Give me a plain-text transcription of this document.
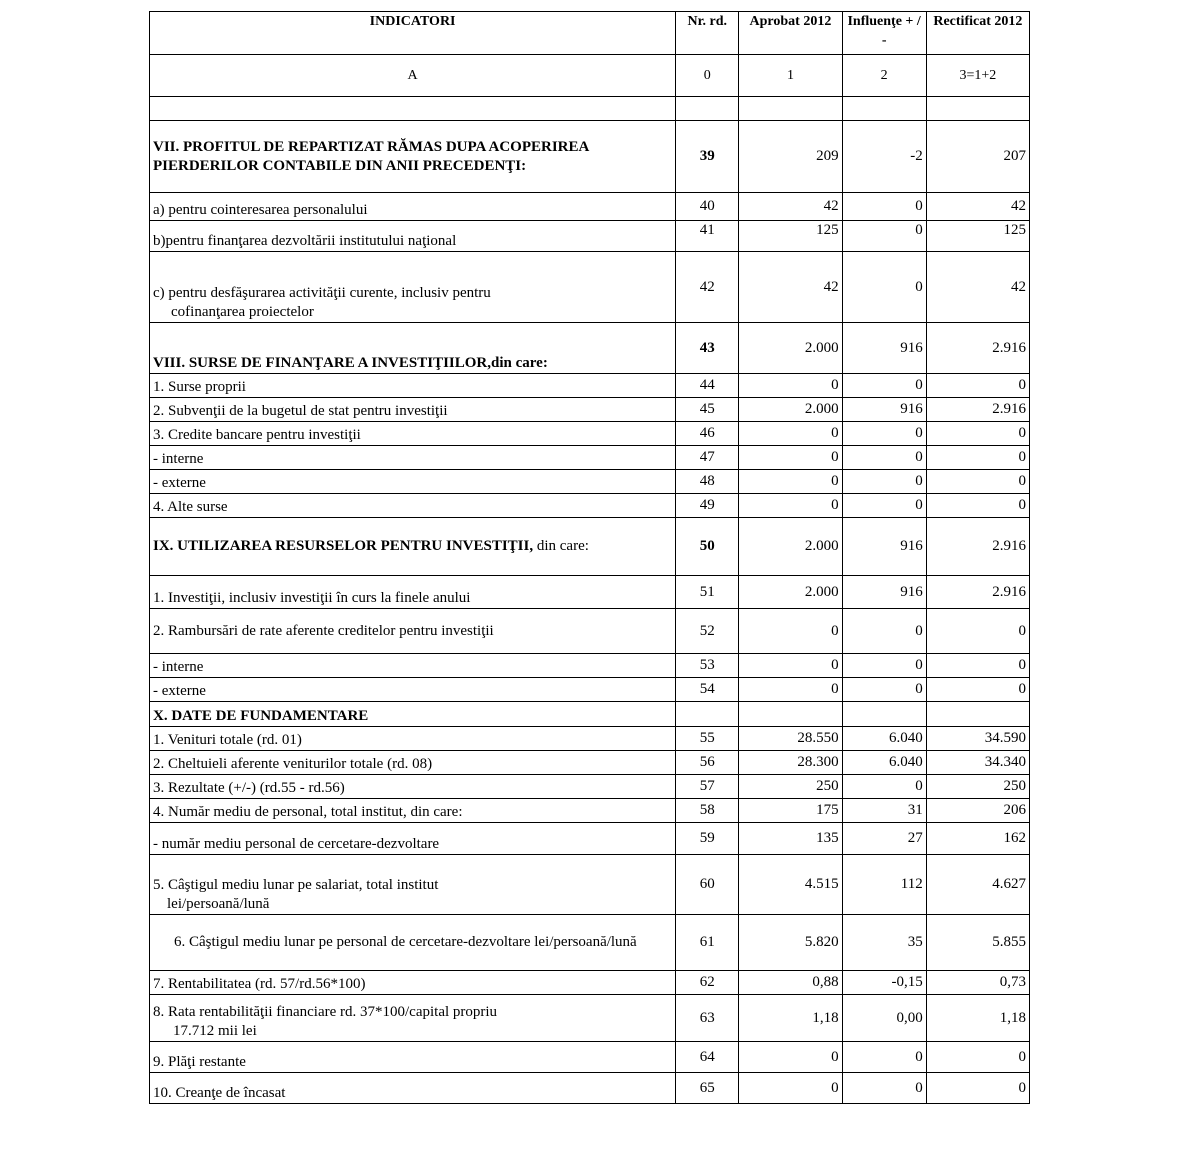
INDICATORI	Nr. rd.	Aprobat 2012	Influenţe + / -	Rectificat 2012
A	0	1	2	3=1+2

VII. PROFITUL DE REPARTIZAT RĂMAS DUPA ACOPERIREA PIERDERILOR CONTABILE DIN ANII PRECEDENŢI:	39	209	-2	207
a) pentru cointeresarea personalului	40	42	0	42
b)pentru finanţarea dezvoltării institutului naţional	41	125	0	125

c) pentru desfăşurarea activităţii curente, inclusiv pentru
cofinanţarea proiectelor	42	42	0	42
VIII. SURSE DE FINANŢARE A INVESTIŢIILOR,din care:	43	2.000	916	2.916
1. Surse proprii	44	0	0	0
2. Subvenţii de la bugetul de stat pentru investiţii	45	2.000	916	2.916
3. Credite bancare pentru investiţii	46	0	0	0
- interne	47	0	0	0
- externe	48	0	0	0
4. Alte surse	49	0	0	0
IX. UTILIZAREA RESURSELOR PENTRU INVESTIŢII, din care:	50	2.000	916	2.916
1. Investiţii, inclusiv investiţii în curs la finele anului	51	2.000	916	2.916
2. Rambursări de rate aferente creditelor pentru investiţii	52	0	0	0
- interne	53	0	0	0
- externe	54	0	0	0
X. DATE DE FUNDAMENTARE				
1. Venituri totale (rd. 01)	55	28.550	6.040	34.590
2. Cheltuieli aferente veniturilor totale (rd. 08)	56	28.300	6.040	34.340
3. Rezultate (+/-) (rd.55 - rd.56)	57	250	0	250
4. Număr mediu de personal, total institut, din care:	58	175	31	206
- număr mediu personal de cercetare-dezvoltare	59	135	27	162

5. Câştigul mediu lunar pe salariat, total institut
lei/persoană/lună	60	4.515	112	4.627
6. Câştigul mediu lunar pe personal de cercetare-dezvoltare lei/persoană/lună	61	5.820	35	5.855
7. Rentabilitatea (rd. 57/rd.56*100)	62	0,88	-0,15	0,73

8. Rata rentabilităţii financiare rd. 37*100/capital propriu
17.712 mii lei	63	1,18	0,00	1,18
9. Plăţi restante	64	0	0	0
10. Creanţe de încasat	65	0	0	0
